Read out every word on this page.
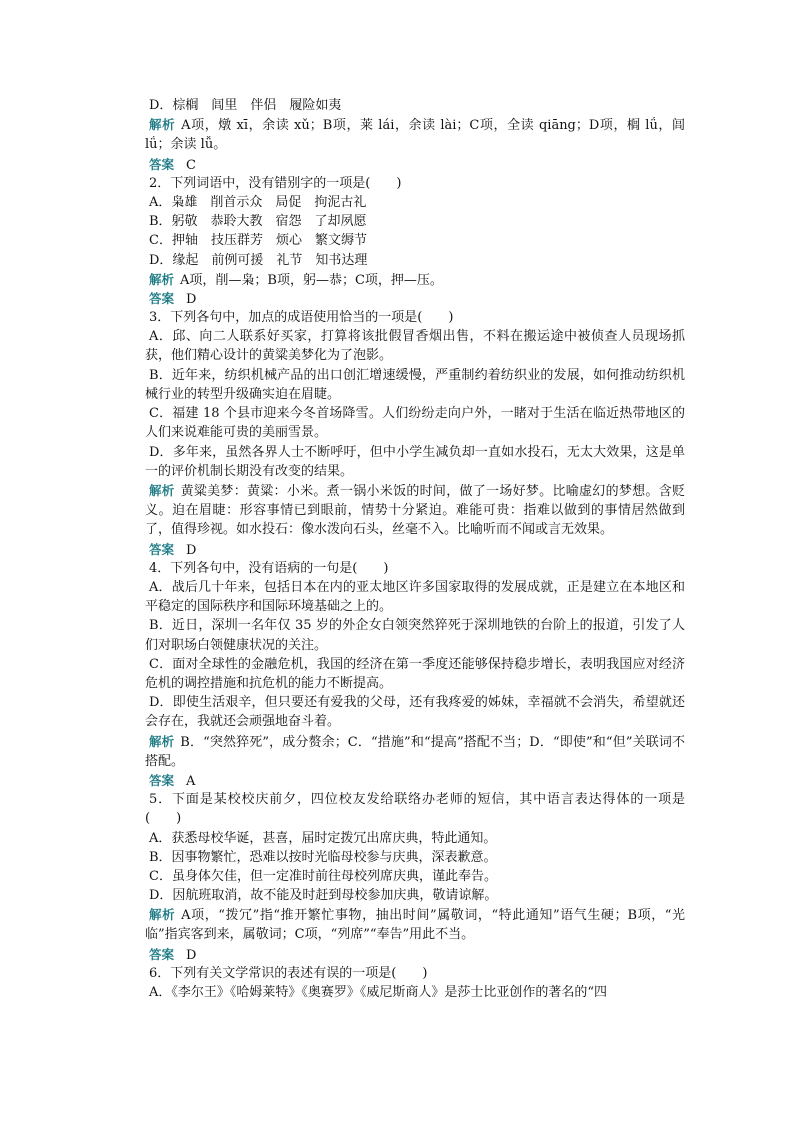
D．棕榈　闾里　伴侣　履险如夷

解析 A项，燉 xī，余读 xǔ；B项，莱 lái，余读 lài；C项，全读 qiāng；D项，榈 lǘ，闾 lǘ；余读 lǚ。

答案 C
2．下列词语中，没有错别字的一项是(　　)
A．枭雄　削首示众　局促　拘泥古礼
B．躬敬　恭聆大教　宿怨　了却夙愿
C．押轴　技压群芳　烦心　繁文缛节
D．缘起　前例可援　礼节　知书达理
解析 A项，削—枭；B项，躬—恭；C项，押—压。
答案 D
3．下列各句中，加点的成语使用恰当的一项是(　　)

A．邱、向二人联系好买家，打算将该批假冒香烟出售，不料在搬运途中被侦查人员现场抓获，他们精心设计的黄粱美梦化为了泡影。

B．近年来，纺织机械产品的出口创汇增速缓慢，严重制约着纺织业的发展，如何推动纺织机械行业的转型升级确实迫在眉睫。

C．福建 18 个县市迎来今冬首场降雪。人们纷纷走向户外，一睹对于生活在临近热带地区的人们来说难能可贵的美丽雪景。

D．多年来，虽然各界人士不断呼吁，但中小学生减负却一直如水投石，无太大效果，这是单一的评价机制长期没有改变的结果。

解析 黄粱美梦：黄粱：小米。煮一锅小米饭的时间，做了一场好梦。比喻虚幻的梦想。含贬义。迫在眉睫：形容事情已到眼前，情势十分紧迫。难能可贵：指难以做到的事情居然做到了，值得珍视。如水投石：像水泼向石头，丝毫不入。比喻听而不闻或言无效果。

答案 D
4．下列各句中，没有语病的一句是(　　)

A．战后几十年来，包括日本在内的亚太地区许多国家取得的发展成就，正是建立在本地区和平稳定的国际秩序和国际环境基础之上的。

B．近日，深圳一名年仅 35 岁的外企女白领突然猝死于深圳地铁的台阶上的报道，引发了人们对职场白领健康状况的关注。

C．面对全球性的金融危机，我国的经济在第一季度还能够保持稳步增长，表明我国应对经济危机的调控措施和抗危机的能力不断提高。

D．即使生活艰辛，但只要还有爱我的父母，还有我疼爱的姊妹，幸福就不会消失，希望就还会存在，我就还会顽强地奋斗着。

解析 B．“突然猝死”，成分赘余；C．“措施”和“提高”搭配不当；D．“即使”和“但”关联词不搭配。

答案 A

5．下面是某校校庆前夕，四位校友发给联络办老师的短信，其中语言表达得体的一项是(　　)

A．获悉母校华诞，甚喜，届时定拨冗出席庆典，特此通知。
B．因事物繁忙，恐难以按时光临母校参与庆典，深表歉意。
C．虽身体欠佳，但一定准时前往母校列席庆典，谨此奉告。
D．因航班取消，故不能及时赶到母校参加庆典，敬请谅解。

解析 A项，“拨冗”指“推开繁忙事物，抽出时间”属敬词，“特此通知”语气生硬；B项，“光临”指宾客到来，属敬词；C项，“列席”“奉告”用此不当。

答案 D
6．下列有关文学常识的表述有误的一项是(　　)
A．《李尔王》《哈姆莱特》《奥赛罗》《威尼斯商人》是莎士比亚创作的著名的“四
